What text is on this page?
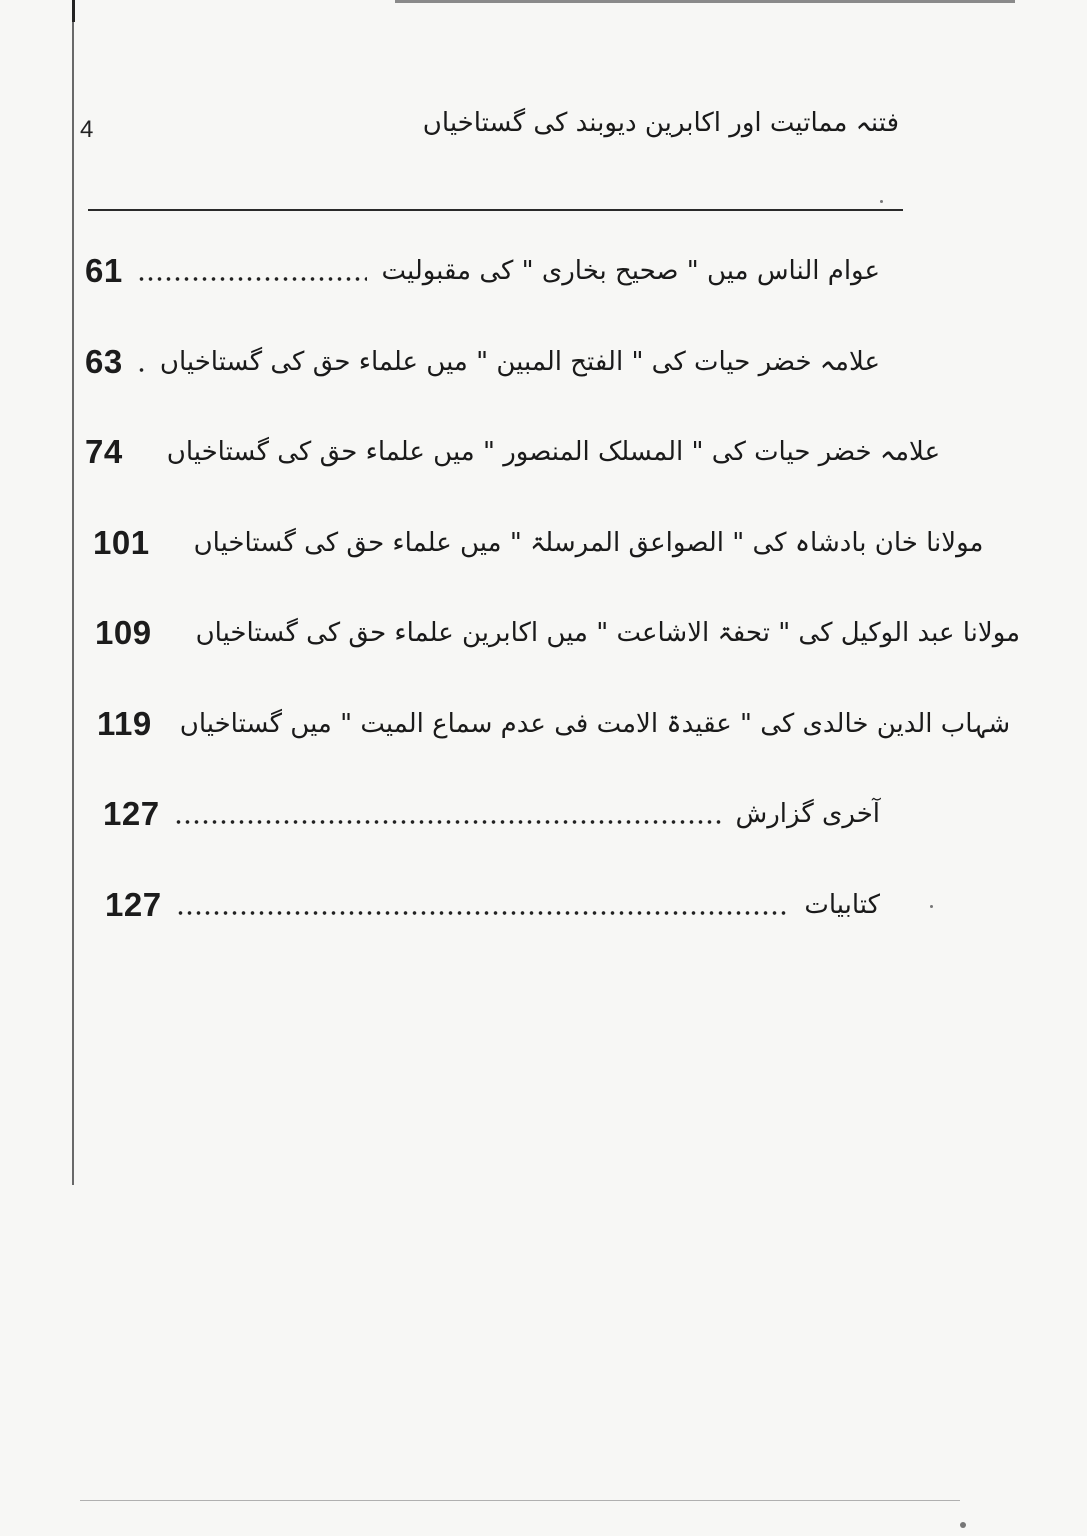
4	فتنہ مماتیت اور اکابرین دیوبند کی گستاخیاں
61	عوام الناس میں " صحیح بخاری " کی مقبولیت
63 علامہ خضر حیات کی " الفتح المبین " میں علماء حق کی گستاخیاں
74 علامہ خضر حیات کی " المسلک المنصور " میں علماء حق کی گستاخیاں
101 مولانا خان بادشاہ کی " الصواعق المرسلۃ " میں علماء حق کی گستاخیاں
109 مولانا عبد الوکیل کی " تحفۃ الاشاعت " میں اکابرین علماء حق کی گستاخیاں
119 شہاب الدین خالدی کی " عقیدۃ الامت فی عدم سماع المیت " میں گستاخیاں
127	آخری گزارش
127	کتابیات
